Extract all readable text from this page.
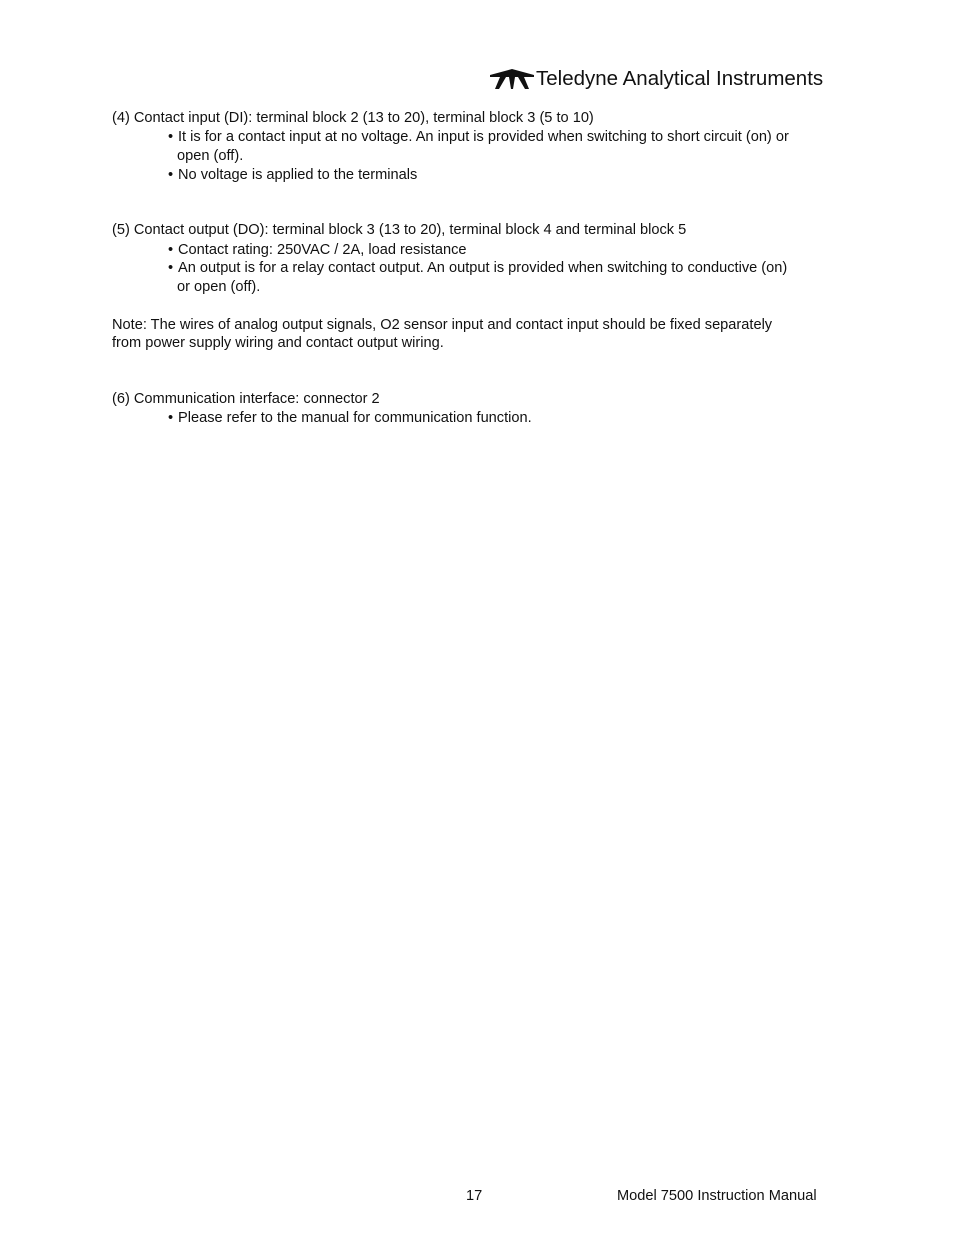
Teledyne Analytical Instruments
(4) Contact input (DI): terminal block 2 (13 to 20), terminal block 3 (5 to 10)
• It is for a contact input at no voltage. An input is provided when switching to short circuit (on) or
open (off).
• No voltage is applied to the terminals
(5) Contact output (DO): terminal block 3 (13 to 20), terminal block 4 and terminal block 5
• Contact rating: 250VAC / 2A, load resistance
• An output is for a relay contact output. An output is provided when switching to conductive (on)
or open (off).
Note: The wires of analog output signals, O2 sensor input and contact input should be fixed separately
from power supply wiring and contact output wiring.
(6) Communication interface: connector 2
• Please refer to the manual for communication function.
17	Model 7500 Instruction Manual
